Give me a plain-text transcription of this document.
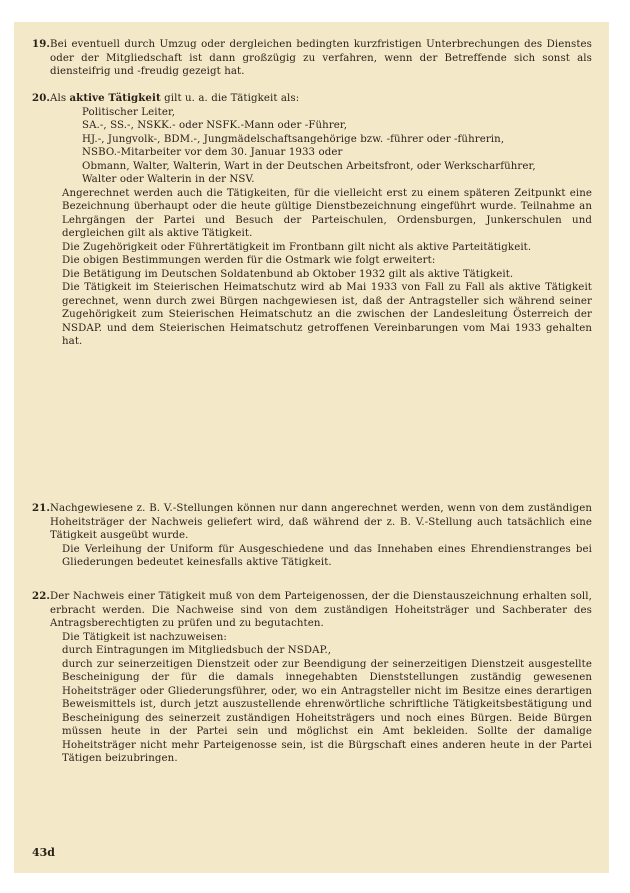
19. Bei eventuell durch Umzug oder dergleichen bedingten kurzfristigen Unterbrechungen des Dienstes oder der Mitgliedschaft ist dann großzügig zu verfahren, wenn der Betreffende sich sonst als diensteifrig und -freudig gezeigt hat.
20. Als aktive Tätigkeit gilt u. a. die Tätigkeit als:
Politischer Leiter,
SA.-, SS.-, NSKK.- oder NSFK.-Mann oder -Führer,
HJ.-, Jungvolk-, BDM.-, Jungmädelschaftsangehörige bzw. -führer oder -führerin,
NSBO.-Mitarbeiter vor dem 30. Januar 1933 oder
Obmann, Walter, Walterin, Wart in der Deutschen Arbeitsfront, oder Werkscharführer,
Walter oder Walterin in der NSV.
Angerechnet werden auch die Tätigkeiten, für die vielleicht erst zu einem späteren Zeitpunkt eine Bezeichnung überhaupt oder die heute gültige Dienstbezeichnung eingeführt wurde. Teilnahme an Lehrgängen der Partei und Besuch der Parteischulen, Ordensburgen, Junkerschulen und dergleichen gilt als aktive Tätigkeit.
Die Zugehörigkeit oder Führertätigkeit im Frontbann gilt nicht als aktive Parteitätigkeit.
Die obigen Bestimmungen werden für die Ostmark wie folgt erweitert:
Die Betätigung im Deutschen Soldatenbund ab Oktober 1932 gilt als aktive Tätigkeit.
Die Tätigkeit im Steierischen Heimatschutz wird ab Mai 1933 von Fall zu Fall als aktive Tätigkeit gerechnet, wenn durch zwei Bürgen nachgewiesen ist, daß der Antragsteller sich während seiner Zugehörigkeit zum Steierischen Heimatschutz an die zwischen der Landesleitung Österreich der NSDAP. und dem Steierischen Heimatschutz getroffenen Vereinbarungen vom Mai 1933 gehalten hat.
21. Nachgewiesene z. B. V.-Stellungen können nur dann angerechnet werden, wenn von dem zuständigen Hoheitsträger der Nachweis geliefert wird, daß während der z. B. V.-Stellung auch tatsächlich eine Tätigkeit ausgeübt wurde.
Die Verleihung der Uniform für Ausgeschiedene und das Innehaben eines Ehrendienstranges bei Gliederungen bedeutet keinesfalls aktive Tätigkeit.
22. Der Nachweis einer Tätigkeit muß von dem Parteigenossen, der die Dienstauszeichnung erhalten soll, erbracht werden. Die Nachweise sind von dem zuständigen Hoheitsträger und Sachberater des Antragsberechtigten zu prüfen und zu begutachten.
Die Tätigkeit ist nachzuweisen:
durch Eintragungen im Mitgliedsbuch der NSDAP.,
durch zur seinerzeitigen Dienstzeit oder zur Beendigung der seinerzeitigen Dienstzeit ausgestellte Bescheinigung der für die damals innegehabten Dienststellungen zuständig gewesenen Hoheitsträger oder Gliederungsführer, oder, wo ein Antragsteller nicht im Besitze eines derartigen Beweismittels ist, durch jetzt auszustellende ehrenwörtliche schriftliche Tätigkeitsbestätigung und Bescheinigung des seinerzeit zuständigen Hoheitsträgers und noch eines Bürgen. Beide Bürgen müssen heute in der Partei sein und möglichst ein Amt bekleiden. Sollte der damalige Hoheitsträger nicht mehr Parteigenosse sein, ist die Bürgschaft eines anderen heute in der Partei Tätigen beizubringen.
43d
